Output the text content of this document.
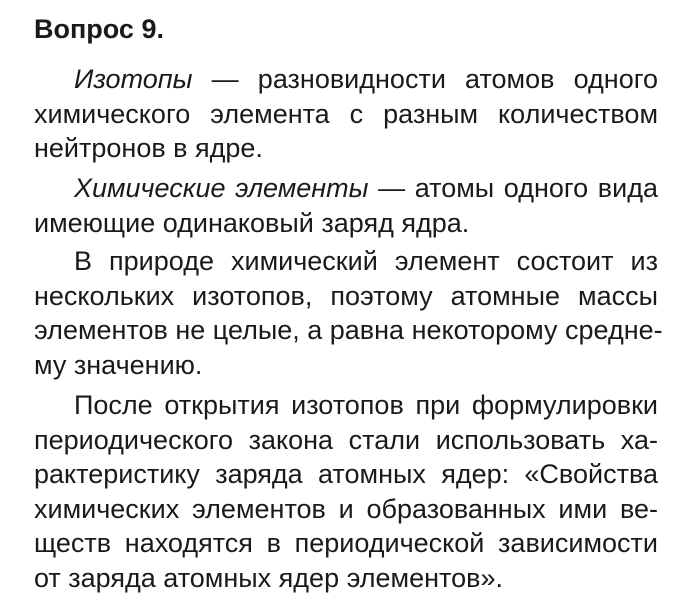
Вопрос 9.
Изотопы — разновидности атомов одного
химического элемента с разным количеством
нейтронов в ядре.
Химические элементы — атомы одного вида
имеющие одинаковый заряд ядра.
В природе химический элемент состоит из
нескольких изотопов, поэтому атомные массы
элементов не целые, а равна некоторому средне-
му значению.
После открытия изотопов при формулировки
периодического закона стали использовать ха-
рактеристику заряда атомных ядер: «Свойства
химических элементов и образованных ими ве-
ществ находятся в периодической зависимости
от заряда атомных ядер элементов».
